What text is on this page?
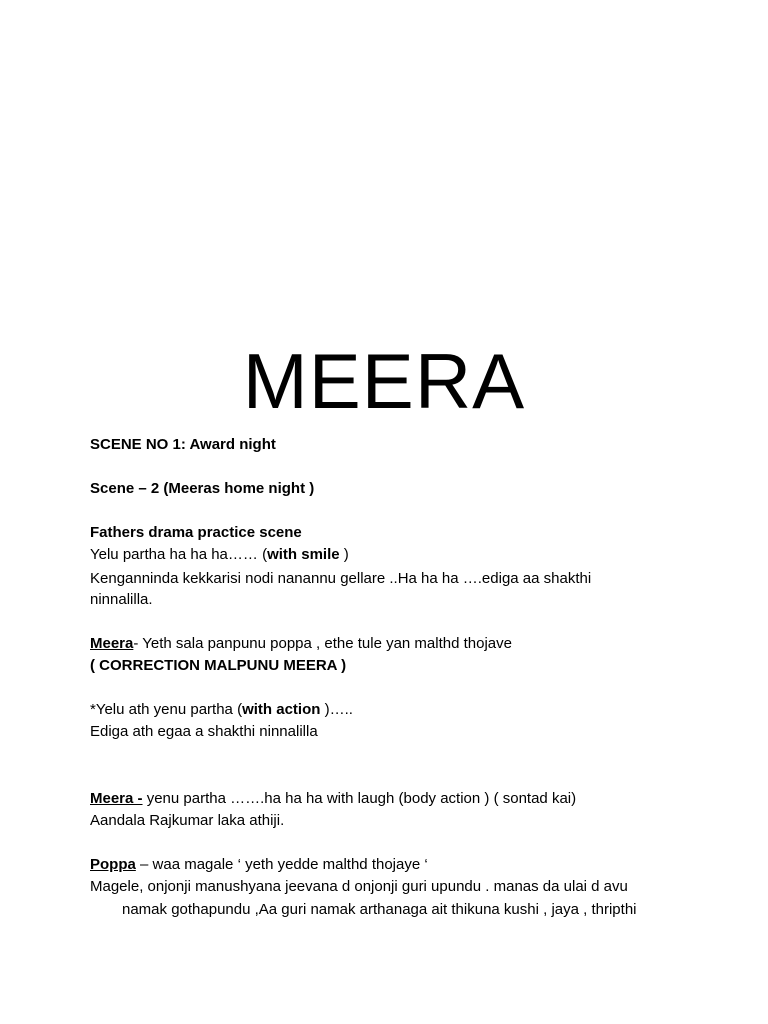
MEERA
SCENE NO 1: Award night
Scene – 2 (Meeras home night )
Fathers drama practice scene
Yelu partha ha ha ha…… (with smile )
Kenganninda kekkarisi nodi nanannu gellare ..Ha ha ha ….ediga aa shakthi
ninnalilla.
Meera- Yeth sala panpunu poppa , ethe tule yan malthd thojave
( CORRECTION MALPUNU MEERA )
*Yelu ath yenu partha (with action )…..
Ediga ath egaa a shakthi ninnalilla
Meera - yenu partha …….ha ha ha with laugh (body action ) ( sontad kai)
Aandala Rajkumar laka athiji.
Poppa – waa magale ‘ yeth yedde malthd thojaye ‘
Magele, onjonji manushyana jeevana d onjonji guri upundu . manas da ulai d avu
namak gothapundu ,Aa guri namak arthanaga ait thikuna kushi , jaya , thripthi
